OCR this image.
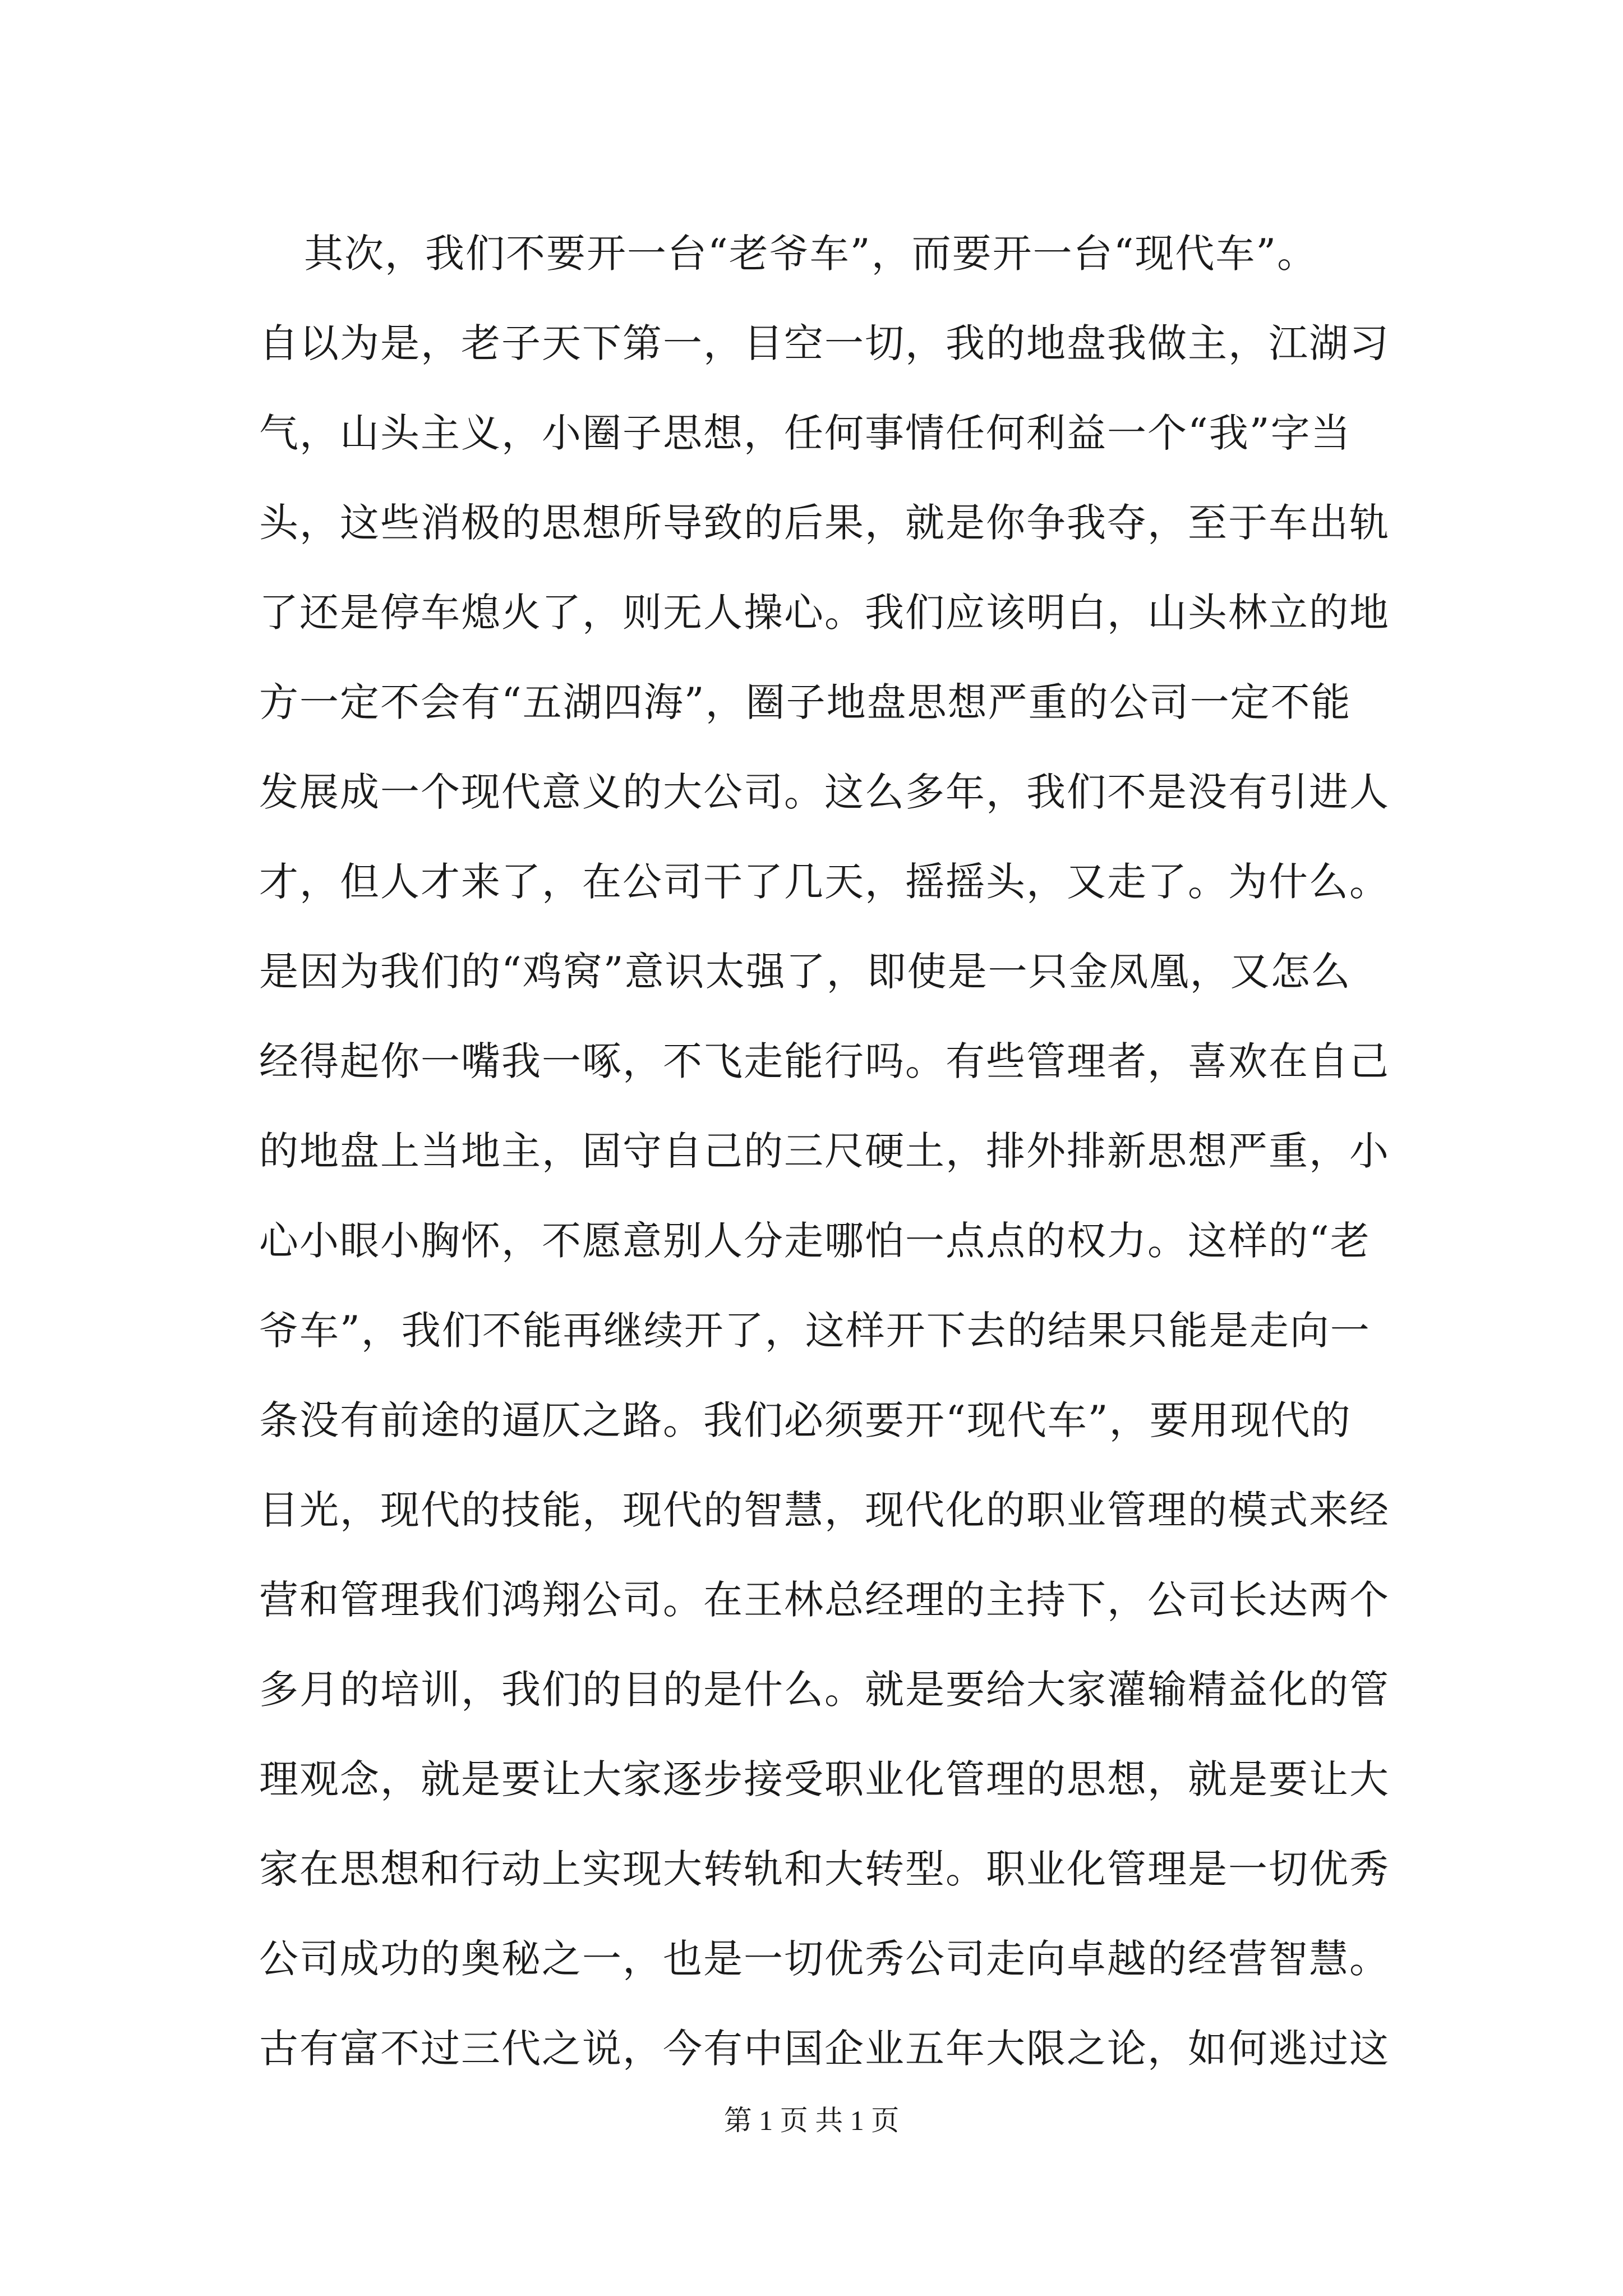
其次，我们不要开一台“老爷车”，而要开一台“现代车”。
自以为是，老子天下第一，目空一切，我的地盘我做主，江湖习
气，山头主义，小圈子思想，任何事情任何利益一个“我”字当
头，这些消极的思想所导致的后果，就是你争我夺，至于车出轨
了还是停车熄火了，则无人操心。我们应该明白，山头林立的地
方一定不会有“五湖四海”，圈子地盘思想严重的公司一定不能
发展成一个现代意义的大公司。这么多年，我们不是没有引进人
才，但人才来了，在公司干了几天，摇摇头，又走了。为什么。
是因为我们的“鸡窝”意识太强了，即使是一只金凤凰，又怎么
经得起你一嘴我一啄，不飞走能行吗。有些管理者，喜欢在自己
的地盘上当地主，固守自己的三尺硬土，排外排新思想严重，小
心小眼小胸怀，不愿意别人分走哪怕一点点的权力。这样的“老
爷车”，我们不能再继续开了，这样开下去的结果只能是走向一
条没有前途的逼仄之路。我们必须要开“现代车”，要用现代的
目光，现代的技能，现代的智慧，现代化的职业管理的模式来经
营和管理我们鸿翔公司。在王林总经理的主持下，公司长达两个
多月的培训，我们的目的是什么。就是要给大家灌输精益化的管
理观念，就是要让大家逐步接受职业化管理的思想，就是要让大
家在思想和行动上实现大转轨和大转型。职业化管理是一切优秀
公司成功的奥秘之一，也是一切优秀公司走向卓越的经营智慧。
古有富不过三代之说，今有中国企业五年大限之论，如何逃过这
第 1 页 共 1 页
